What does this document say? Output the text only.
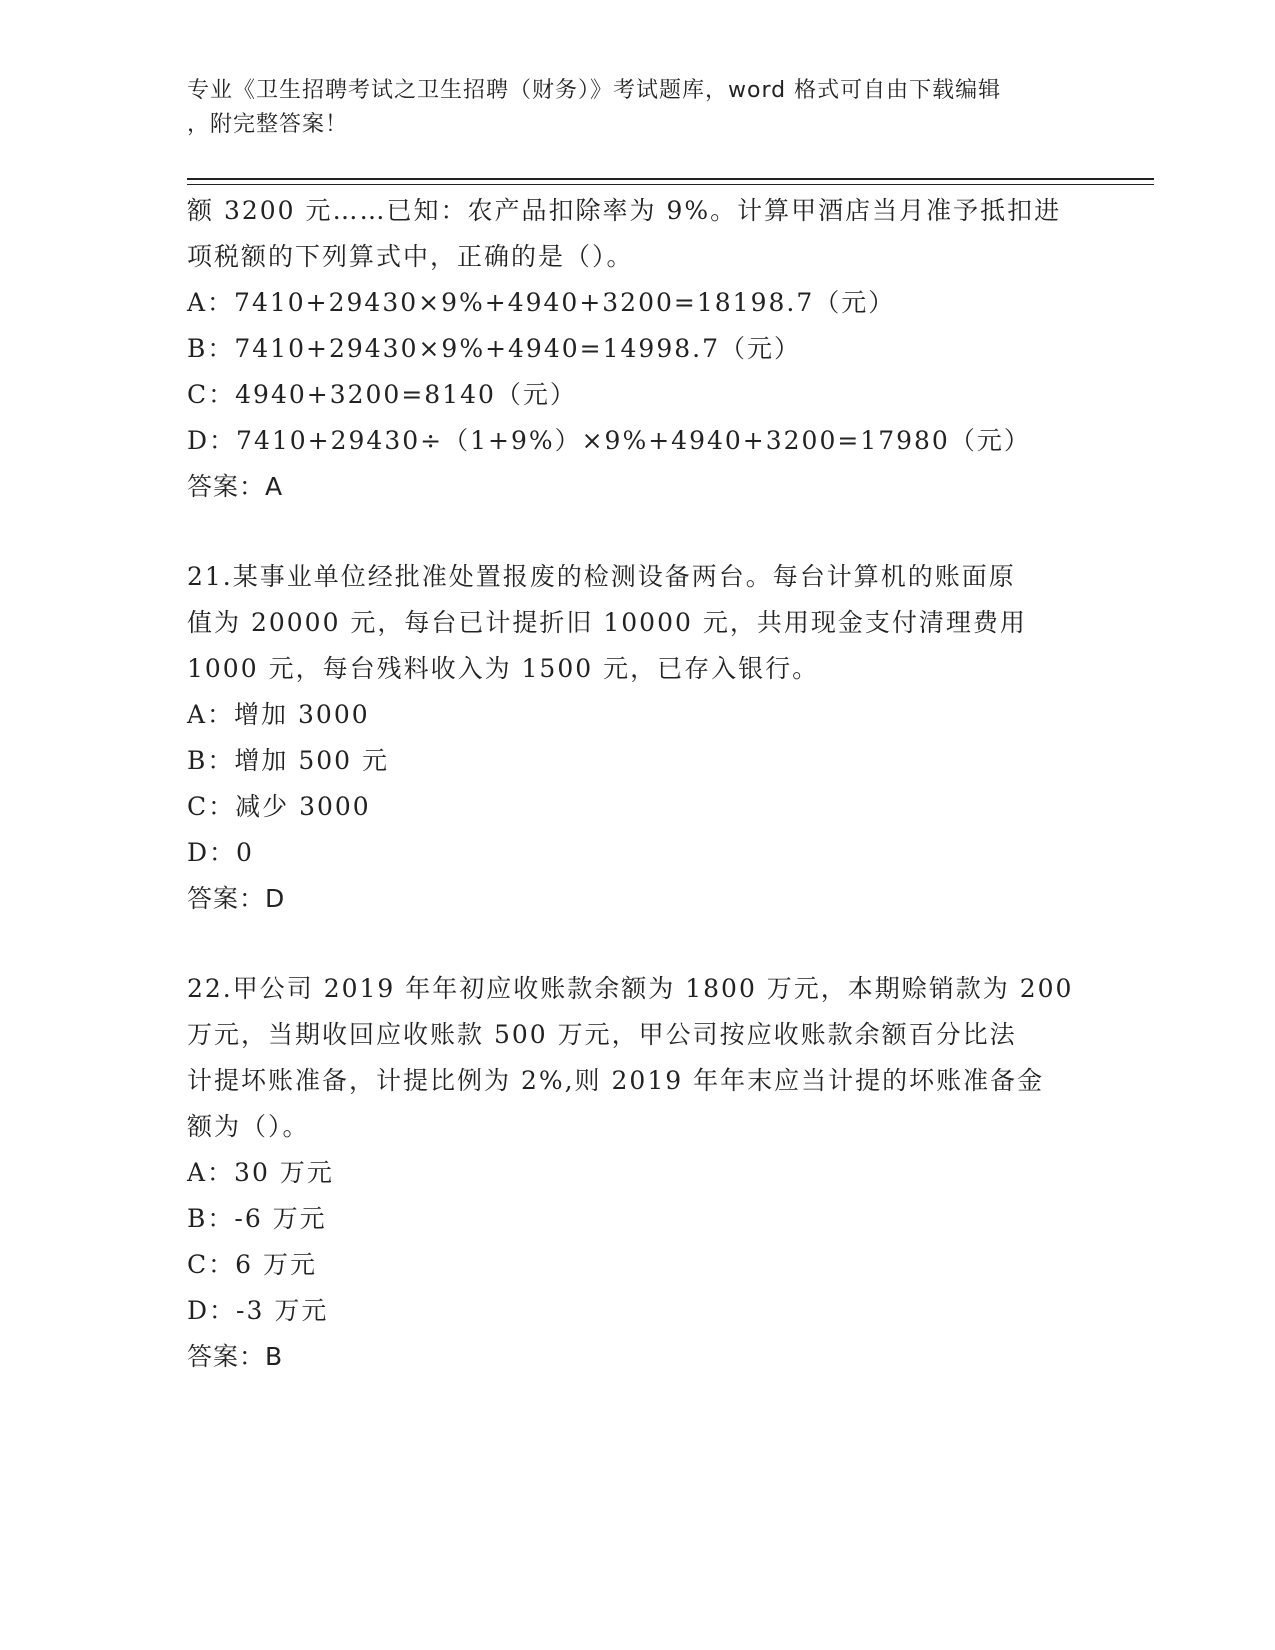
专业《卫生招聘考试之卫生招聘（财务）》考试题库，word 格式可自由下载编辑
，附完整答案！
额 3200 元……已知：农产品扣除率为 9%。计算甲酒店当月准予抵扣进
项税额的下列算式中，正确的是（）。
A：7410+29430×9%+4940+3200=18198.7（元）
B：7410+29430×9%+4940=14998.7（元）
C：4940+3200=8140（元）
D：7410+29430÷（1+9%）×9%+4940+3200=17980（元）
答案：A
21.某事业单位经批准处置报废的检测设备两台。每台计算机的账面原
值为 20000 元，每台已计提折旧 10000 元，共用现金支付清理费用
1000 元，每台残料收入为 1500 元，已存入银行。
A：增加 3000
B：增加 500 元
C：减少 3000
D：0
答案：D
22.甲公司 2019 年年初应收账款余额为 1800 万元，本期赊销款为 200
万元，当期收回应收账款 500 万元，甲公司按应收账款余额百分比法
计提坏账准备，计提比例为 2%,则 2019 年年末应当计提的坏账准备金
额为（）。
A：30 万元
B：-6 万元
C：6 万元
D：-3 万元
答案：B
